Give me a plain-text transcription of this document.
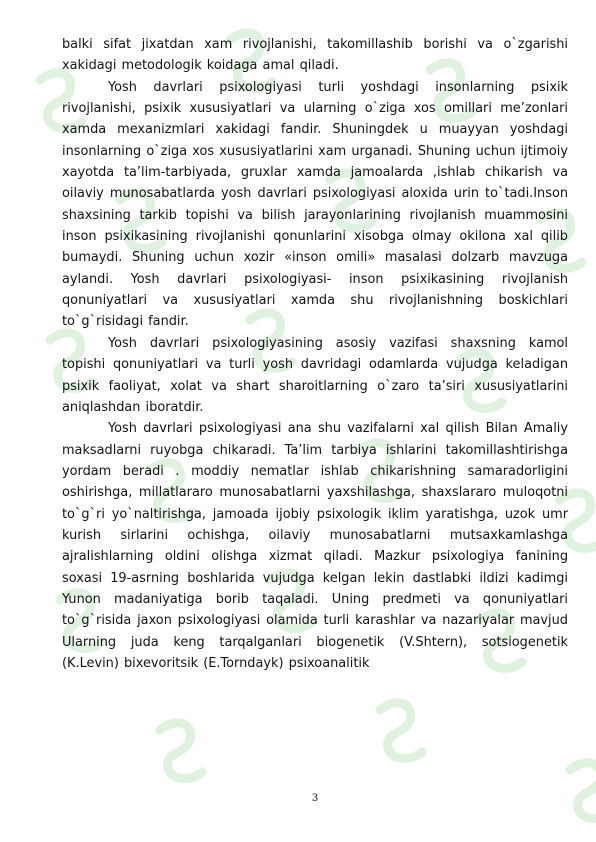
balki sifat jixatdan xam rivojlanishi, takomillashib borishi va o`zgarishi xakidagi metodologik koidaga amal qiladi.

Yosh davrlari psixologiyasi turli yoshdagi insonlarning psixik rivojlanishi, psixik xususiyatlari va ularning o`ziga xos omillari me’zonlari xamda mexanizmlari xakidagi fandir. Shuningdek u muayyan yoshdagi insonlarning o`ziga xos xususiyatlarini xam urganadi. Shuning uchun ijtimoiy xayotda ta’lim-tarbiyada, gruxlar xamda jamoalarda ,ishlab chikarish va oilaviy munosabatlarda yosh davrlari psixologiyasi aloxida urin to`tadi.Inson shaxsining tarkib topishi va bilish jarayonlarining rivojlanish muammosini inson psixikasining rivojlanishi qonunlarini xisobga olmay okilona xal qilib bumaydi. Shuning uchun xozir «inson omili» masalasi dolzarb mavzuga aylandi. Yosh davrlari psixologiyasi- inson psixikasining rivojlanish qonuniyatlari va xususiyatlari xamda shu rivojlanishning boskichlari to`g`risidagi fandir.

Yosh davrlari psixologiyasining asosiy vazifasi shaxsning kamol topishi qonuniyatlari va turli yosh davridagi odamlarda vujudga keladigan psixik faoliyat, xolat va shart sharoitlarning o`zaro ta’siri xususiyatlarini aniqlashdan iboratdir.

Yosh davrlari psixologiyasi ana shu vazifalarni xal qilish Bilan Amaliy maksadlarni ruyobga chikaradi. Ta’lim tarbiya ishlarini takomillashtirishga yordam beradi . moddiy nematlar ishlab chikarishning samaradorligini oshirishga, millatlararo munosabatlarni yaxshilashga, shaxslararo muloqotni to`g`ri yo`naltirishga, jamoada ijobiy psixologik iklim yaratishga, uzok umr kurish sirlarini ochishga, oilaviy munosabatlarni mutsaxkamlashga ajralishlarning oldini olishga xizmat qiladi. Mazkur psixologiya fanining soxasi 19-asrning boshlarida vujudga kelgan lekin dastlabki ildizi kadimgi Yunon madaniyatiga borib taqaladi. Uning predmeti va qonuniyatlari to`g`risida jaxon psixologiyasi olamida turli karashlar va nazariyalar mavjud Ularning juda keng tarqalganlari biogenetik (V.Shtern), sotsiogenetik (K.Levin) bixevoritsik (E.Torndayk) psixoanalitik

3
